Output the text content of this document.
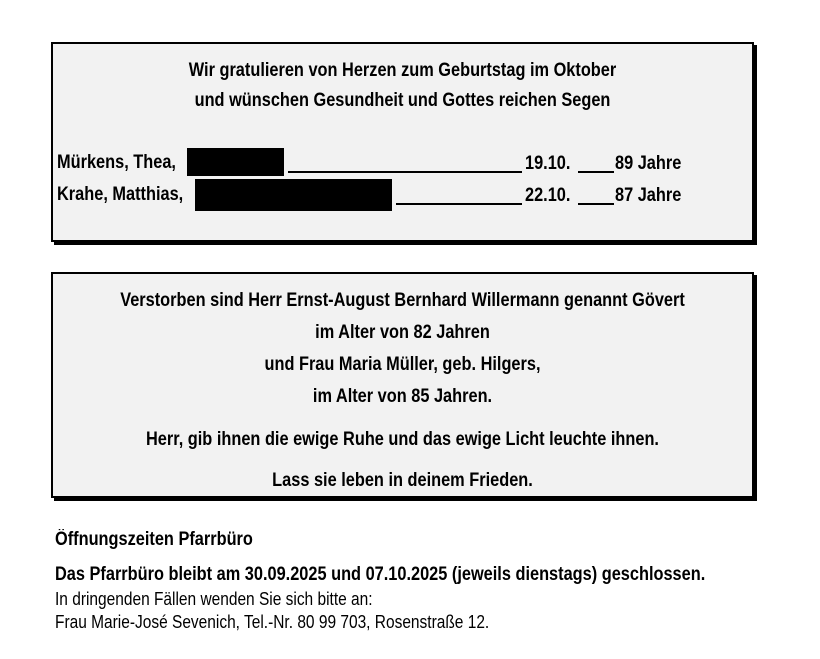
Wir gratulieren von Herzen zum Geburtstag im Oktober
und wünschen Gesundheit und Gottes reichen Segen
Mürkens, Thea,	19.10.	89 Jahre
Krahe, Matthias,	22.10.	87 Jahre
Verstorben sind Herr Ernst-August Bernhard Willermann genannt Gövert
im Alter von 82 Jahren
und Frau Maria Müller, geb. Hilgers,
im Alter von 85 Jahren.
Herr, gib ihnen die ewige Ruhe und das ewige Licht leuchte ihnen.
Lass sie leben in deinem Frieden.
Öffnungszeiten Pfarrbüro
Das Pfarrbüro bleibt am 30.09.2025 und 07.10.2025 (jeweils dienstags) geschlossen.
In dringenden Fällen wenden Sie sich bitte an:
Frau Marie-José Sevenich, Tel.-Nr. 80 99 703, Rosenstraße 12.
